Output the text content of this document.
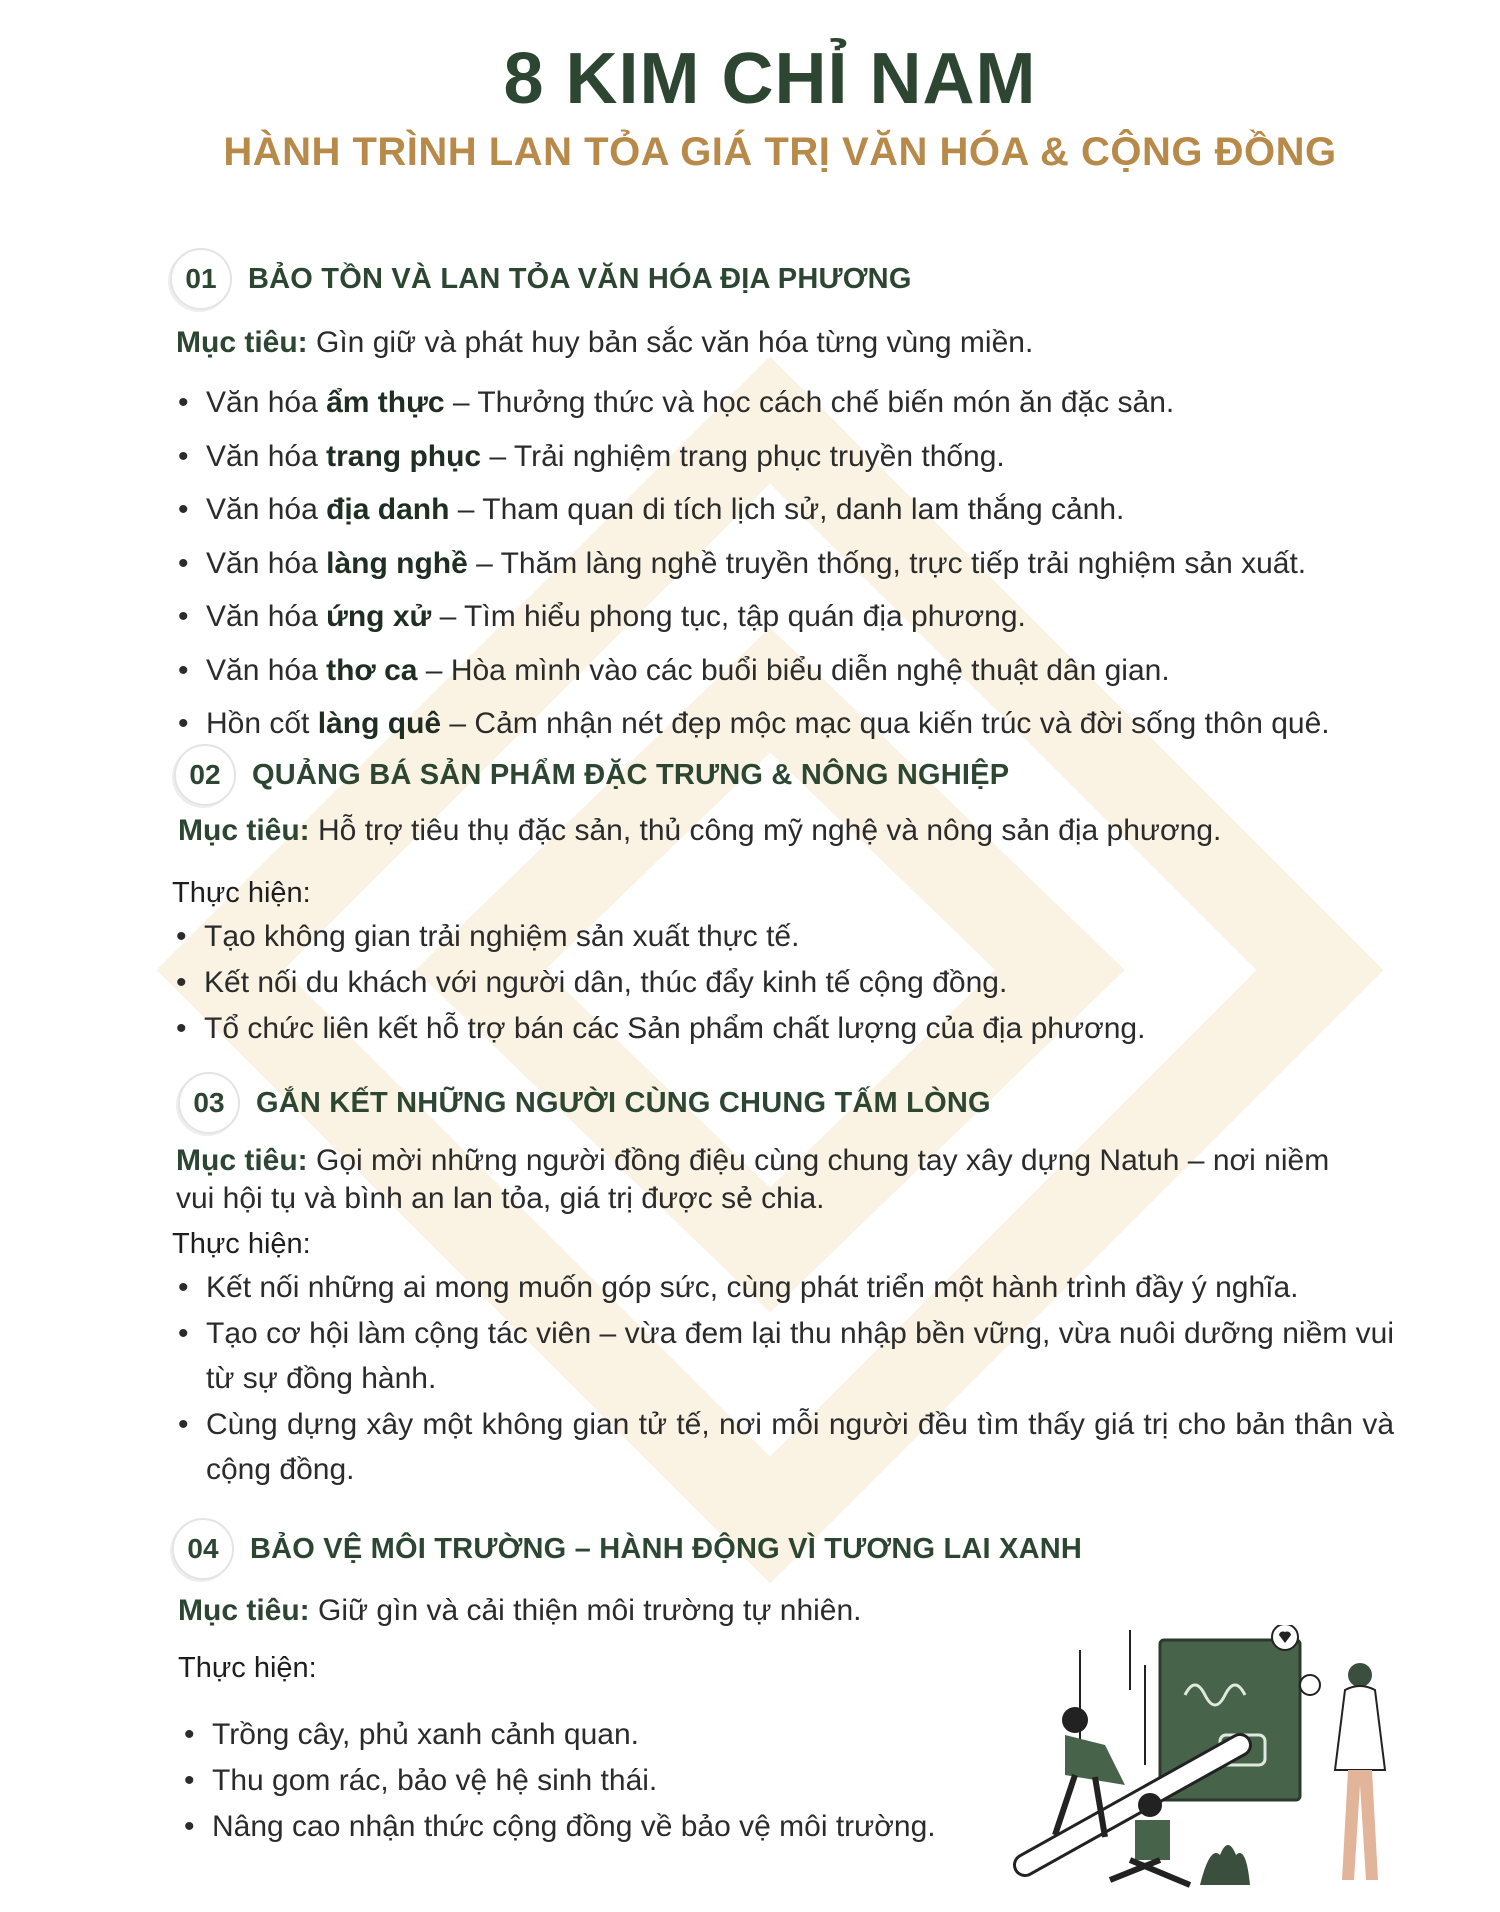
8 KIM CHỈ NAM
HÀNH TRÌNH LAN TỎA GIÁ TRỊ VĂN HÓA & CỘNG ĐỒNG
01	BẢO TỒN VÀ LAN TỎA VĂN HÓA ĐỊA PHƯƠNG
Mục tiêu: Gìn giữ và phát huy bản sắc văn hóa từng vùng miền.
• Văn hóa ẩm thực – Thưởng thức và học cách chế biến món ăn đặc sản.
• Văn hóa trang phục – Trải nghiệm trang phục truyền thống.
• Văn hóa địa danh – Tham quan di tích lịch sử, danh lam thắng cảnh.
• Văn hóa làng nghề – Thăm làng nghề truyền thống, trực tiếp trải nghiệm sản xuất.
• Văn hóa ứng xử – Tìm hiểu phong tục, tập quán địa phương.
• Văn hóa thơ ca – Hòa mình vào các buổi biểu diễn nghệ thuật dân gian.
• Hồn cốt làng quê – Cảm nhận nét đẹp mộc mạc qua kiến trúc và đời sống thôn quê.
02	QUẢNG BÁ SẢN PHẨM ĐẶC TRƯNG & NÔNG NGHIỆP
Mục tiêu: Hỗ trợ tiêu thụ đặc sản, thủ công mỹ nghệ và nông sản địa phương.
Thực hiện:
• Tạo không gian trải nghiệm sản xuất thực tế.
• Kết nối du khách với người dân, thúc đẩy kinh tế cộng đồng.
• Tổ chức liên kết hỗ trợ bán các Sản phẩm chất lượng của địa phương.
03	GẮN KẾT NHỮNG NGƯỜI CÙNG CHUNG TẤM LÒNG
Mục tiêu: Gọi mời những người đồng điệu cùng chung tay xây dựng Natuh – nơi niềm vui hội tụ và bình an lan tỏa, giá trị được sẻ chia.
Thực hiện:
• Kết nối những ai mong muốn góp sức, cùng phát triển một hành trình đầy ý nghĩa.
• Tạo cơ hội làm cộng tác viên – vừa đem lại thu nhập bền vững, vừa nuôi dưỡng niềm vui từ sự đồng hành.
• Cùng dựng xây một không gian tử tế, nơi mỗi người đều tìm thấy giá trị cho bản thân và cộng đồng.
04	BẢO VỆ MÔI TRƯỜNG – HÀNH ĐỘNG VÌ TƯƠNG LAI XANH
Mục tiêu: Giữ gìn và cải thiện môi trường tự nhiên.
Thực hiện:
• Trồng cây, phủ xanh cảnh quan.
• Thu gom rác, bảo vệ hệ sinh thái.
• Nâng cao nhận thức cộng đồng về bảo vệ môi trường.
